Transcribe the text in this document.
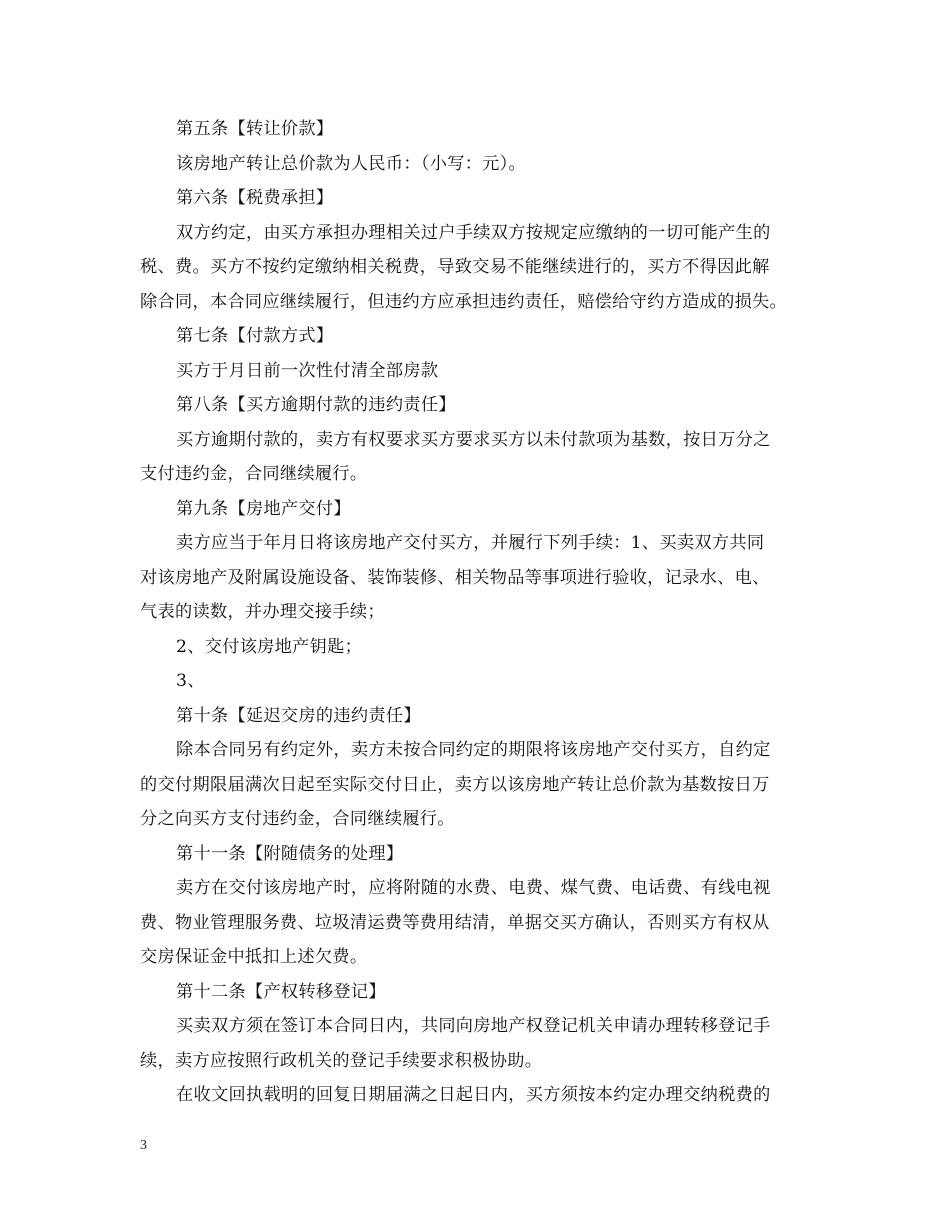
第五条【转让价款】
该房地产转让总价款为人民币：（小写：元）。
第六条【税费承担】
双方约定，由买方承担办理相关过户手续双方按规定应缴纳的一切可能产生的
税、费。买方不按约定缴纳相关税费，导致交易不能继续进行的，买方不得因此解
除合同，本合同应继续履行，但违约方应承担违约责任，赔偿给守约方造成的损失。
第七条【付款方式】
买方于月日前一次性付清全部房款
第八条【买方逾期付款的违约责任】
买方逾期付款的，卖方有权要求买方要求买方以未付款项为基数，按日万分之
支付违约金，合同继续履行。
第九条【房地产交付】
卖方应当于年月日将该房地产交付买方，并履行下列手续：1、买卖双方共同
对该房地产及附属设施设备、装饰装修、相关物品等事项进行验收，记录水、电、
气表的读数，并办理交接手续；
2、交付该房地产钥匙；
3、
第十条【延迟交房的违约责任】
除本合同另有约定外，卖方未按合同约定的期限将该房地产交付买方，自约定
的交付期限届满次日起至实际交付日止，卖方以该房地产转让总价款为基数按日万
分之向买方支付违约金，合同继续履行。
第十一条【附随债务的处理】
卖方在交付该房地产时，应将附随的水费、电费、煤气费、电话费、有线电视
费、物业管理服务费、垃圾清运费等费用结清，单据交买方确认，否则买方有权从
交房保证金中抵扣上述欠费。
第十二条【产权转移登记】
买卖双方须在签订本合同日内，共同向房地产权登记机关申请办理转移登记手
续，卖方应按照行政机关的登记手续要求积极协助。
在收文回执载明的回复日期届满之日起日内，买方须按本约定办理交纳税费的
3
